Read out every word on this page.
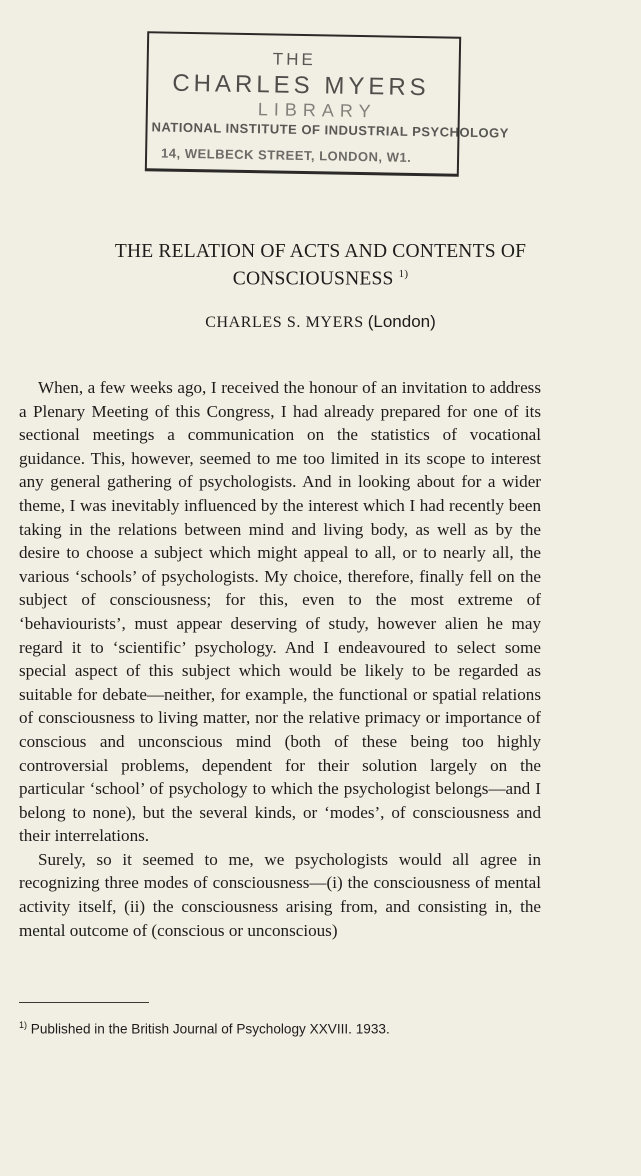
THE
CHARLES MYERS
LIBRARY
NATIONAL INSTITUTE OF INDUSTRIAL PSYCHOLOGY
14, WELBECK STREET, LONDON, W1.
THE RELATION OF ACTS AND CONTENTS OF
CONSCIOUSNESS $^{1)}$
CHARLES S. MYERS (London)

When, a few weeks ago, I received the honour of an invitation to address a Plenary Meeting of this Congress, I had already prepared for one of its sectional meetings a communication on the statistics of vocational guidance. This, however, seemed to me too limited in its scope to interest any general gathering of psychologists. And in looking about for a wider theme, I was inevitably influenced by the interest which I had recently been taking in the relations between mind and living body, as well as by the desire to choose a subject which might appeal to all, or to nearly all, the various ‘schools’ of psychologists. My choice, therefore, finally fell on the subject of consciousness; for this, even to the most extreme of ‘behaviourists’, must appear deserving of study, however alien he may regard it to ‘scientific’ psychology. And I endeavoured to select some special aspect of this subject which would be likely to be regarded as suitable for debate—neither, for example, the functional or spatial relations of consciousness to living matter, nor the relative primacy or importance of conscious and unconscious mind (both of these being too highly controversial problems, dependent for their solution largely on the particular ‘school’ of psychology to which the psychologist belongs—and I belong to none), but the several kinds, or ‘modes’, of consciousness and their interrelations.

Surely, so it seemed to me, we psychologists would all agree in recognizing three modes of consciousness—(i) the consciousness of mental activity itself, (ii) the consciousness arising from, and consisting in, the mental outcome of (conscious or unconscious)

$^{1)}$ Published in the British Journal of Psychology XXVIII. 1933.
